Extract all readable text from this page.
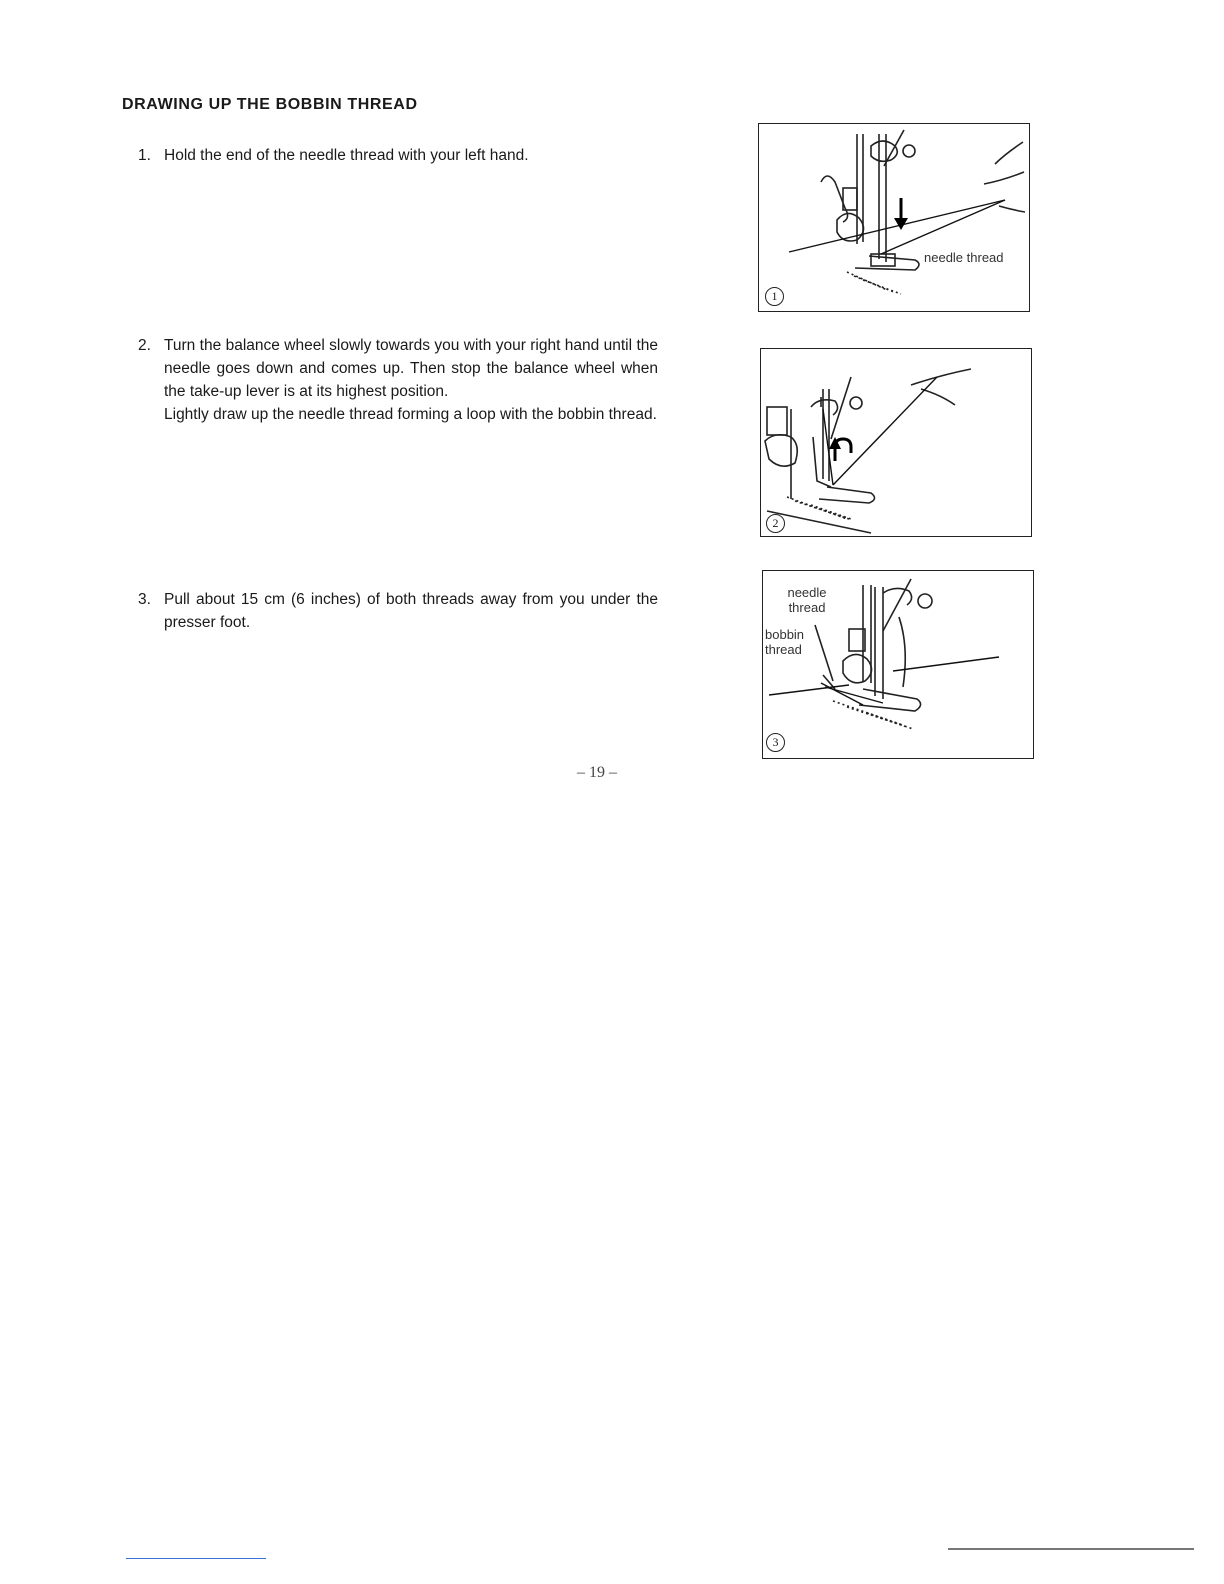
DRAWING UP THE BOBBIN THREAD
1. Hold the end of the needle thread with your left hand.

2. Turn the balance wheel slowly towards you with your right hand until the needle goes down and comes up. Then stop the balance wheel when the take-up lever is at its highest position.

Lightly draw up the needle thread forming a loop with the bobbin thread.

3. Pull about 15 cm (6 inches) of both threads away from you under the presser foot.

needle thread
1
2
needle thread
bobbin thread
3
– 19 –
